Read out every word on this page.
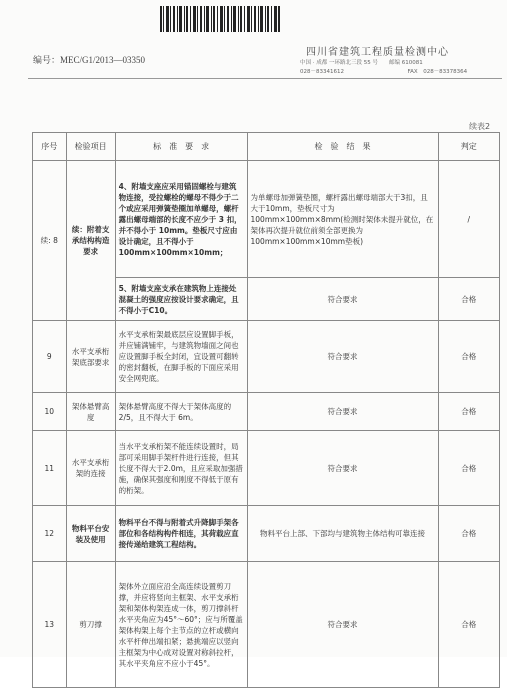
编号：MEC/G1/2013—03350
四川省建筑工程质量检测中心
中国 · 成都 一环路北三段 55 号　　邮编 610081
028－83341612	FAX　028－83378364
续表2
序号	检验项目	标　准　要　求	检　验　结　果	判定
续: 8	续：附着支承结构构造要求	4、附墙支座应采用锚固螺栓与建筑物连接，受拉螺栓的螺母不得少于二个或应采用弹簧垫圈加单螺母，螺杆露出螺母端部的长度不应少于 3 扣，并不得小于 10mm。垫板尺寸应由设计确定，且不得小于 100mm×100mm×10mm；	为单螺母加弹簧垫圈，螺杆露出螺母端部大于3扣，且大于10mm，垫板尺寸为100mm×100mm×8mm(检测时架体未提升就位，在架体再次提升就位前须全部更换为100mm×100mm×10mm垫板)	/
		5、附墙支座支承在建筑物上连接处混凝土的强度应按设计要求确定，且不得小于C10。	符合要求	合格
9	水平支承桁架底部要求	水平支承桁架最底层应设置脚手板，并应铺满铺牢，与建筑物墙面之间也应设置脚手板全封闭，宜设置可翻转的密封翻板，在脚手板的下面应采用安全网兜底。	符合要求	合格
10	架体悬臂高度	架体悬臂高度不得大于架体高度的 2/5，且不得大于 6m。	符合要求	合格
11	水平支承桁架的连接	当水平支承桁架不能连续设置时，局部可采用脚手架杆件进行连接，但其长度不得大于2.0m，且应采取加强措施，确保其强度和刚度不得低于原有的桁架。	符合要求	合格
12	物料平台安装及使用	物料平台不得与附着式升降脚手架各部位和各结构构件相连，其荷载应直接传递给建筑工程结构。	物料平台上部、下部均与建筑物主体结构可靠连接	合格
13	剪刀撑	架体外立面应沿全高连续设置剪刀撑，并应将竖向主框架、水平支承桁架和架体构架连成一体，剪刀撑斜杆水平夹角应为45°～60°；应与所覆盖架体构架上每个主节点的立杆或横向水平杆伸出端扣紧；悬挑端应以竖向主框架为中心成对设置对称斜拉杆，其水平夹角应不应小于45°。	符合要求	合格
